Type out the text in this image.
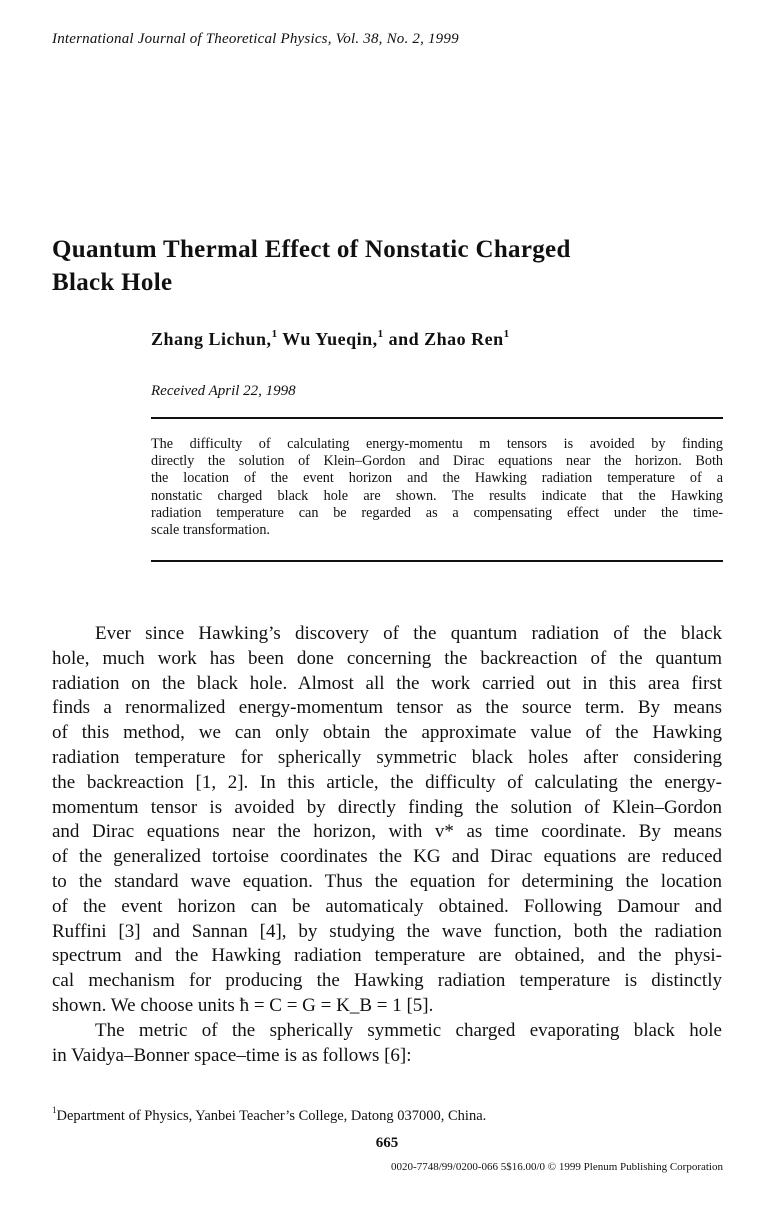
International Journal of Theoretical Physics, Vol. 38, No. 2, 1999
Quantum Thermal Effect of Nonstatic Charged
Black Hole
Zhang Lichun,$^1$ Wu Yueqin,$^1$ and Zhao Ren$^1$
Received April 22, 1998
The difficulty of calculating energy-momentu m tensors is avoided by finding
directly the solution of Klein–Gordon and Dirac equations near the horizon. Both
the location of the event horizon and the Hawking radiation temperature of a
nonstatic charged black hole are shown. The results indicate that the Hawking
radiation temperature can be regarded as a compensating effect under the time-
scale transformation.
Ever since Hawking’s discovery of the quantum radiation of the black
hole, much work has been done concerning the backreaction of the quantum
radiation on the black hole. Almost all the work carried out in this area first
finds a renormalized energy-momentum tensor as the source term. By means
of this method, we can only obtain the approximate value of the Hawking
radiation temperature for spherically symmetric black holes after considering
the backreaction [1, 2]. In this article, the difficulty of calculating the energy-
momentum tensor is avoided by directly finding the solution of Klein–Gordon
and Dirac equations near the horizon, with v* as time coordinate. By means
of the generalized tortoise coordinates the KG and Dirac equations are reduced
to the standard wave equation. Thus the equation for determining the location
of the event horizon can be automaticaly obtained. Following Damour and
Ruffini [3] and Sannan [4], by studying the wave function, both the radiation
spectrum and the Hawking radiation temperature are obtained, and the physi-
cal mechanism for producing the Hawking radiation temperature is distinctly
shown. We choose units ħ = C = G = K_B = 1 [5].
The metric of the spherically symmetic charged evaporating black hole
in Vaidya–Bonner space–time is as follows [6]:
$^1$Department of Physics, Yanbei Teacher’s College, Datong 037000, China.
665
0020-7748/99/0200-066 5$16.00/0 © 1999 Plenum Publishing Corporation
